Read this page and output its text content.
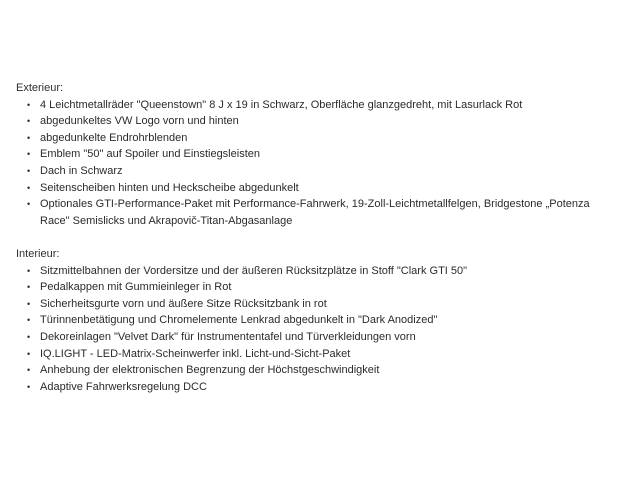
Exterieur:

• 4 Leichtmetallräder "Queenstown" 8 J x 19 in Schwarz, Oberfläche glanzgedreht, mit Lasurlack Rot
• abgedunkeltes VW Logo vorn und hinten
• abgedunkelte Endrohrblenden
• Emblem "50" auf Spoiler und Einstiegsleisten
• Dach in Schwarz
• Seitenscheiben hinten und Heckscheibe abgedunkelt
• Optionales GTI-Performance-Paket mit Performance-Fahrwerk, 19-Zoll-Leichtmetallfelgen, Bridgestone „Potenza Race" Semislicks und Akrapovič-Titan-Abgasanlage

Interieur:

• Sitzmittelbahnen der Vordersitze und der äußeren Rücksitzplätze in Stoff "Clark GTI 50"
• Pedalkappen mit Gummieinleger in Rot
• Sicherheitsgurte vorn und äußere Sitze Rücksitzbank in rot
• Türinnenbetätigung und Chromelemente Lenkrad abgedunkelt in "Dark Anodized"
• Dekoreinlagen "Velvet Dark" für Instrumententafel und Türverkleidungen vorn
• IQ.LIGHT - LED-Matrix-Scheinwerfer inkl. Licht-und-Sicht-Paket
• Anhebung der elektronischen Begrenzung der Höchstgeschwindigkeit
• Adaptive Fahrwerksregelung DCC
